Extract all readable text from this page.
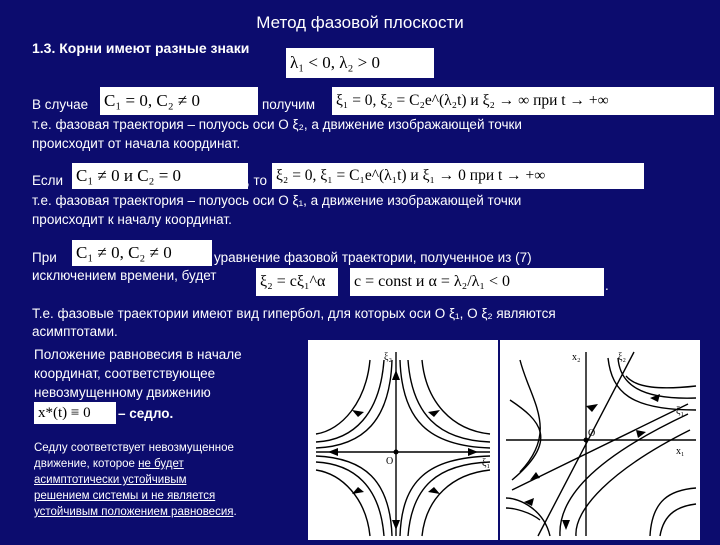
Метод фазовой плоскости
1.3. Корни имеют разные знаки
λ₁ < 0, λ₂ > 0
В случае C₁ = 0, C₂ ≠ 0	получим ξ₁ = 0, ξ₂ = C₂e^(λ₂t) и ξ₂ → ∞ при t → +∞
т.е. фазовая траектория – полуось оси О ξ₂, а движение изображающей точки
происходит от начала координат.
Если C₁ ≠ 0 и C₂ = 0	, то ξ₂ = 0, ξ₁ = C₁e^(λ₁t) и ξ₁ → 0 при t → +∞
т.е. фазовая траектория – полуось оси О ξ₁, а движение изображающей точки
происходит к началу координат.
При C₁ ≠ 0, C₂ ≠ 0	уравнение фазовой траектории, полученное из (7)
исключением времени, будет	ξ₂ = cξ₁^α	c = const и α = λ₂/λ₁ < 0	.
Т.е. фазовые траектории имеют вид гипербол, для которых оси О ξ₁, О ξ₂ являются
асимптотами.
Положение равновесия в начале
координат, соответствующее
невозмущенному движению
x*(t) ≡ 0	– седло.
Седлу соответствует невозмущенное
движение, которое не будет
асимптотически устойчивым
решением системы и не является
устойчивым положением равновесия.
ξ₂
ξ₁
O
x₂	ξ₂
ξ₁
x₁
O
